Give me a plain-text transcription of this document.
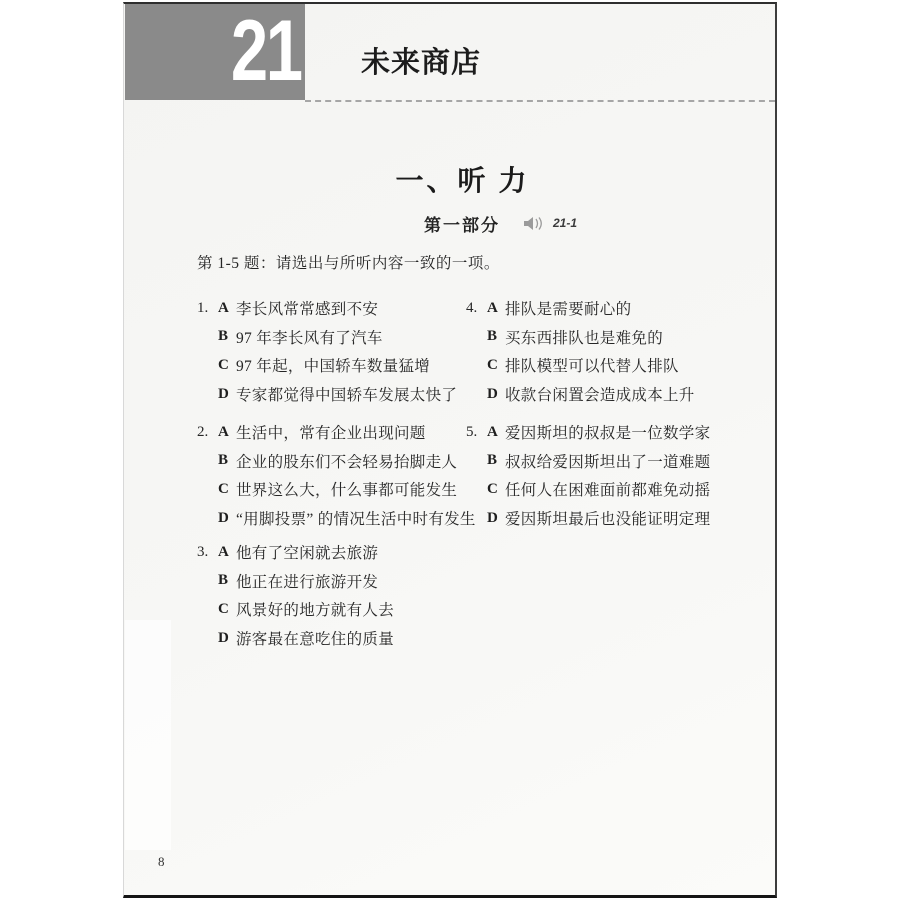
21 未来商店
一、听 力
第一部分	21-1

第 1-5 题：请选出与所听内容一致的一项。

1. A 李长风常常感到不安
B 97 年李长风有了汽车
C 97 年起，中国轿车数量猛增
D 专家都觉得中国轿车发展太快了
2. A 生活中，常有企业出现问题
B 企业的股东们不会轻易抬脚走人
C 世界这么大，什么事都可能发生
D “用脚投票” 的情况生活中时有发生
3. A 他有了空闲就去旅游
B 他正在进行旅游开发
C 风景好的地方就有人去
D 游客最在意吃住的质量
4. A 排队是需要耐心的
B 买东西排队也是难免的
C 排队模型可以代替人排队
D 收款台闲置会造成成本上升
5. A 爱因斯坦的叔叔是一位数学家
B 叔叔给爱因斯坦出了一道难题
C 任何人在困难面前都难免动摇
D 爱因斯坦最后也没能证明定理
8
